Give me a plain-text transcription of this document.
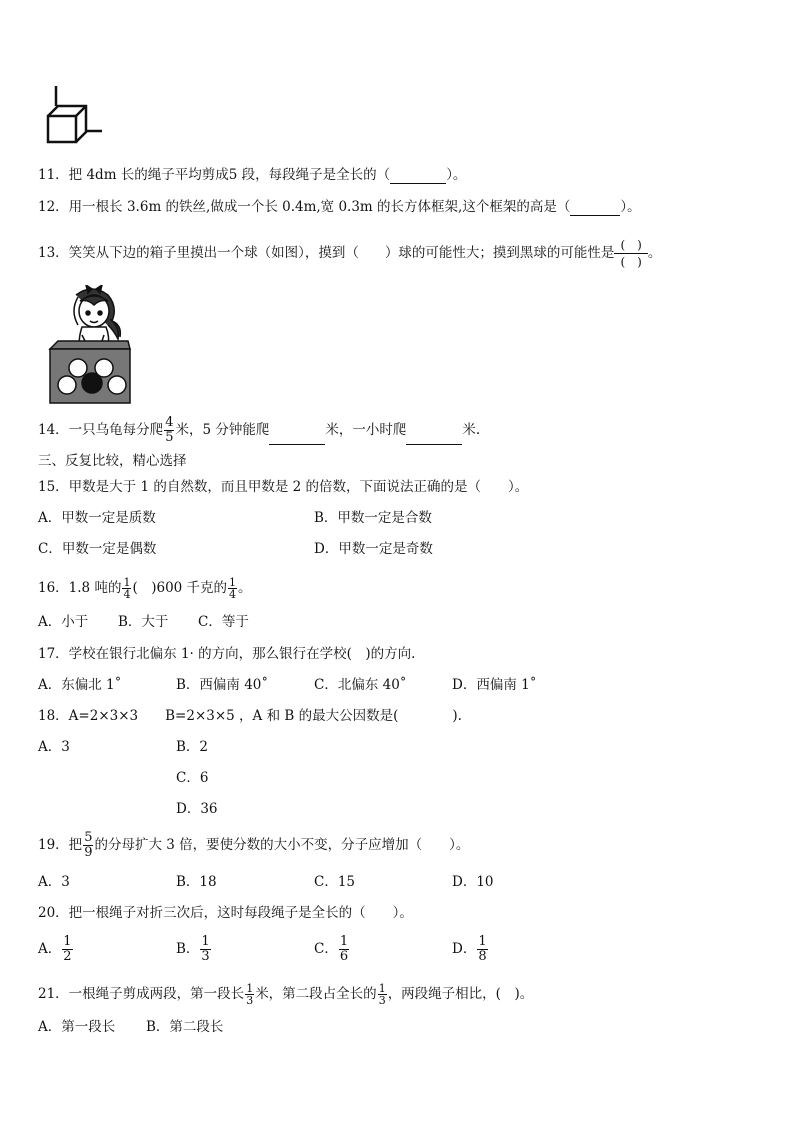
11．把 4dm 长的绳子平均剪成5 段，每段绳子是全长的（	）。
12．用一根长 3.6m 的铁丝,做成一个长 0.4m,宽 0.3m 的长方体框架,这个框架的高是（	）。
13．笑笑从下边的箱子里摸出一个球（如图），摸到（ ）球的可能性大；摸到黑球的可能性是 $\frac{( )}{( )}$ 。
14．一只乌龟每分爬 $\frac{4}{5}$ 米，5 分钟能爬	米，一小时爬	米.
三、反复比较，精心选择
15．甲数是大于 1 的自然数，而且甲数是 2 的倍数，下面说法正确的是（　　）。
A．甲数一定是质数	B．甲数一定是合数
C．甲数一定是偶数	D．甲数一定是奇数
16．1.8 吨的 $\frac{1}{4}$ (　)600 千克的 $\frac{1}{4}$ 。
A．小于 B．大于 C．等于
17．学校在银行北偏东 1· 的方向，那么银行在学校(　)的方向.
A．东偏北 1˚	B．西偏南 40˚	C．北偏东 40˚	D．西偏南 1˚
18．A=2×3×3　　B=2×3×5 ，A 和 B 的最大公因数是(　　　　).
A．3	B．2
C．6
D．36
19．把 $\frac{5}{9}$ 的分母扩大 3 倍，要使分数的大小不变，分子应增加（　　）。
A．3	B．18	C．15	D．10
20．把一根绳子对折三次后，这时每段绳子是全长的（　　）。
A． $\frac{1}{2}$	B． $\frac{1}{3}$	C． $\frac{1}{6}$	D． $\frac{1}{8}$
21．一根绳子剪成两段，第一段长 $\frac{1}{3}$ 米，第二段占全长的 $\frac{1}{3}$ ，两段绳子相比，(　)。
A．第一段长 B．第二段长
